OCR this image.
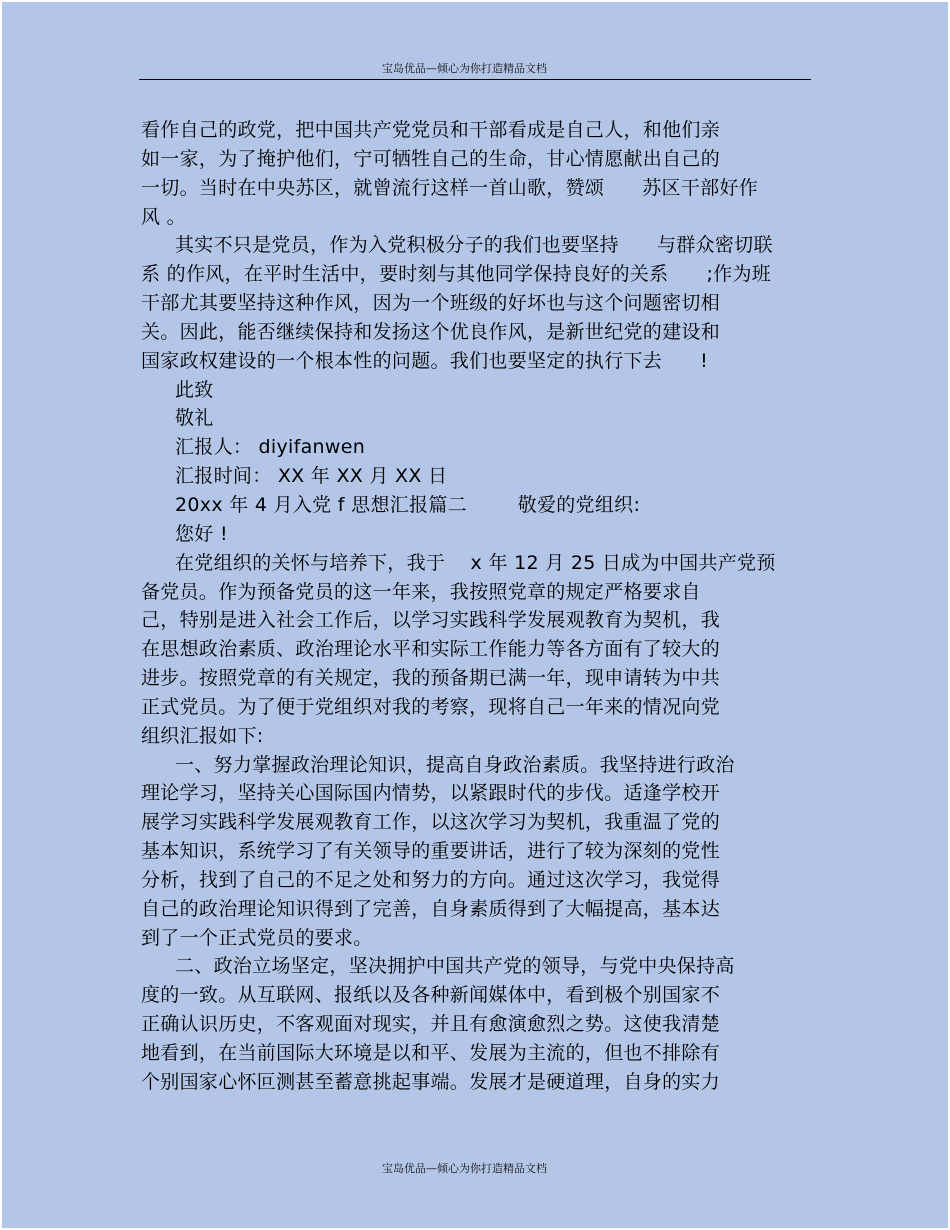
宝岛优品—倾心为你打造精品文档
看作自己的政党，把中国共产党党员和干部看成是自己人，和他们亲
如一家，为了掩护他们，宁可牺牲自己的生命，甘心情愿献出自己的
一切。当时在中央苏区，就曾流行这样一首山歌，赞颂      苏区干部好作
风 。
其实不只是党员，作为入党积极分子的我们也要坚持      与群众密切联
系 的作风，在平时生活中，要时刻与其他同学保持良好的关系      ;作为班
干部尤其要坚持这种作风，因为一个班级的好坏也与这个问题密切相
关。因此，能否继续保持和发扬这个优良作风，是新世纪党的建设和
国家政权建设的一个根本性的问题。我们也要坚定的执行下去      !
此致
敬礼
汇报人： diyifanwen
汇报时间： XX 年 XX 月 XX 日
20xx 年 4 月入党 f 思想汇报篇二        敬爱的党组织:
您好 !
在党组织的关怀与培养下，我于    x 年 12 月 25 日成为中国共产党预
备党员。作为预备党员的这一年来，我按照党章的规定严格要求自
己，特别是进入社会工作后，以学习实践科学发展观教育为契机，我
在思想政治素质、政治理论水平和实际工作能力等各方面有了较大的
进步。按照党章的有关规定，我的预备期已满一年，现申请转为中共
正式党员。为了便于党组织对我的考察，现将自己一年来的情况向党
组织汇报如下:
一、努力掌握政治理论知识，提高自身政治素质。我坚持进行政治
理论学习，坚持关心国际国内情势，以紧跟时代的步伐。适逢学校开
展学习实践科学发展观教育工作，以这次学习为契机，我重温了党的
基本知识，系统学习了有关领导的重要讲话，进行了较为深刻的党性
分析，找到了自己的不足之处和努力的方向。通过这次学习，我觉得
自己的政治理论知识得到了完善，自身素质得到了大幅提高，基本达
到了一个正式党员的要求。
二、政治立场坚定，坚决拥护中国共产党的领导，与党中央保持高
度的一致。从互联网、报纸以及各种新闻媒体中，看到极个别国家不
正确认识历史，不客观面对现实，并且有愈演愈烈之势。这使我清楚
地看到，在当前国际大环境是以和平、发展为主流的，但也不排除有
个别国家心怀叵测甚至蓄意挑起事端。发展才是硬道理，自身的实力
宝岛优品—倾心为你打造精品文档
